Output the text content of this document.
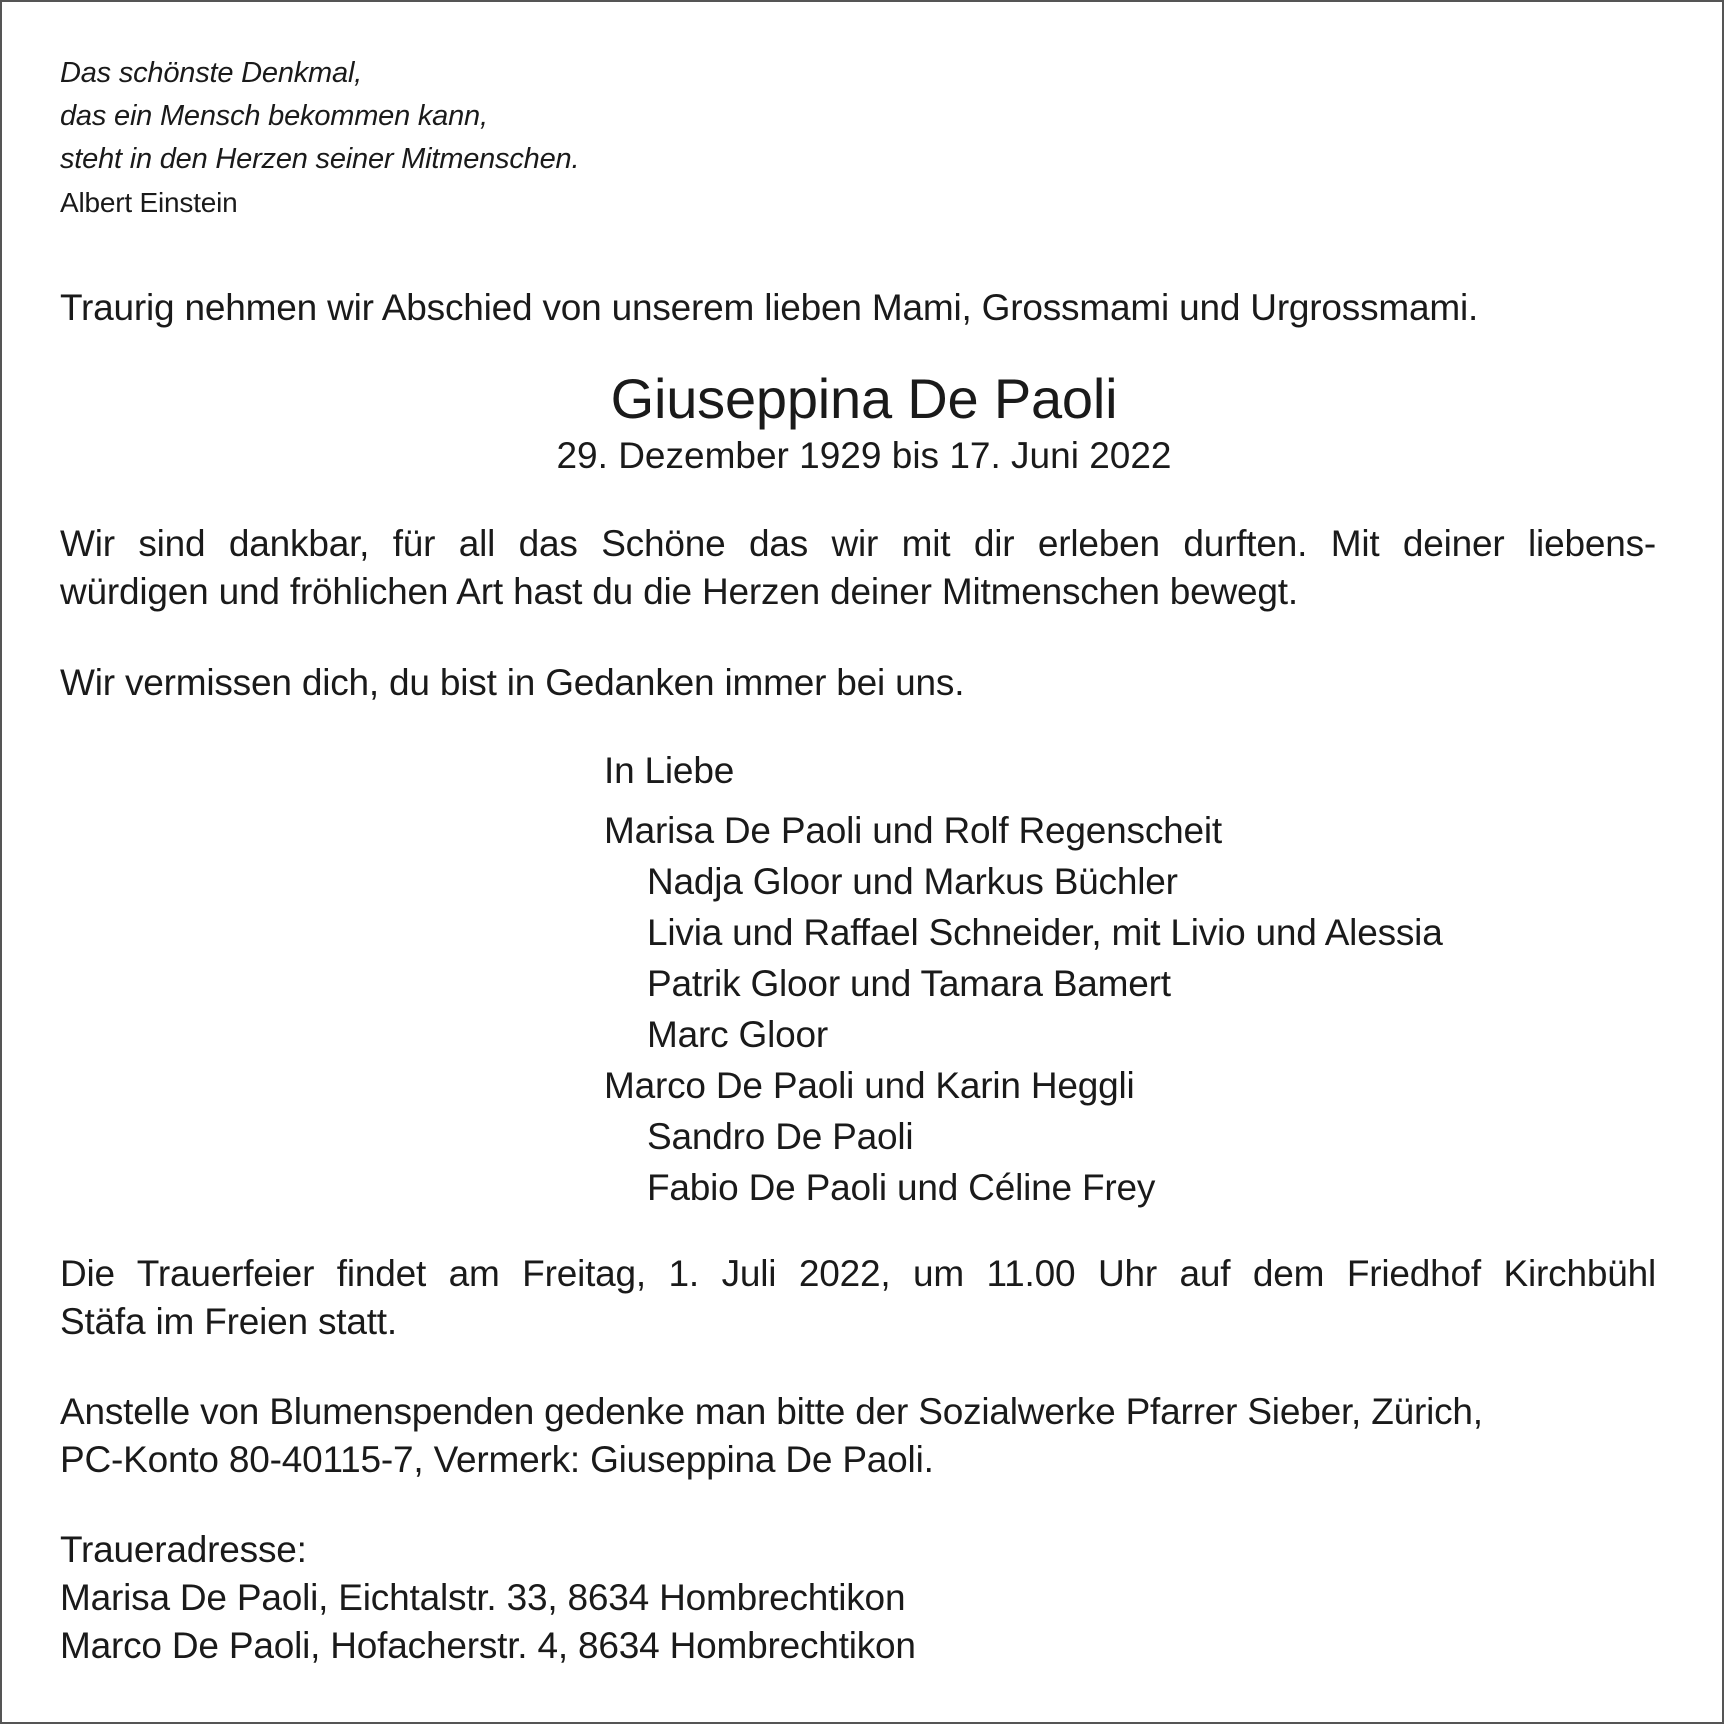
Das schönste Denkmal,
das ein Mensch bekommen kann,
steht in den Herzen seiner Mitmenschen.
Albert Einstein
Traurig nehmen wir Abschied von unserem lieben Mami, Grossmami und Urgrossmami.
Giuseppina De Paoli
29. Dezember 1929 bis 17. Juni 2022
Wir sind dankbar, für all das Schöne das wir mit dir erleben durften. Mit deiner liebens-
würdigen und fröhlichen Art hast du die Herzen deiner Mitmenschen bewegt.
Wir vermissen dich, du bist in Gedanken immer bei uns.
In Liebe
Marisa De Paoli und Rolf Regenscheit
Nadja Gloor und Markus Büchler
Livia und Raffael Schneider, mit Livio und Alessia
Patrik Gloor und Tamara Bamert
Marc Gloor
Marco De Paoli und Karin Heggli
Sandro De Paoli
Fabio De Paoli und Céline Frey
Die Trauerfeier findet am Freitag, 1. Juli 2022, um 11.00 Uhr auf dem Friedhof Kirchbühl
Stäfa im Freien statt.
Anstelle von Blumenspenden gedenke man bitte der Sozialwerke Pfarrer Sieber, Zürich,
PC-Konto 80-40115-7, Vermerk: Giuseppina De Paoli.
Traueradresse:
Marisa De Paoli, Eichtalstr. 33, 8634 Hombrechtikon
Marco De Paoli, Hofacherstr. 4, 8634 Hombrechtikon
